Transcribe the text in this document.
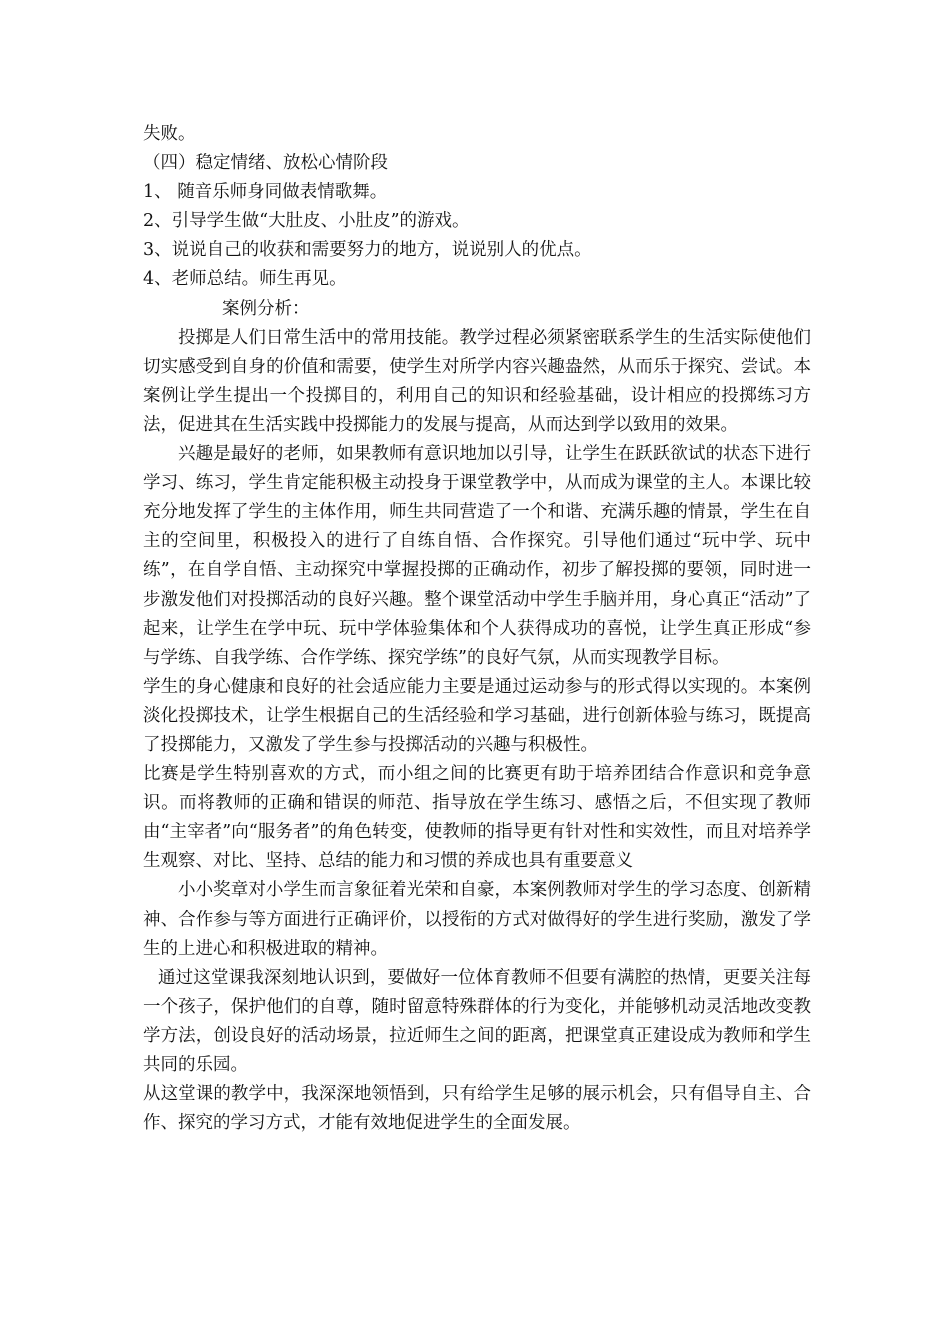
失败。
（四）稳定情绪、放松心情阶段
1、 随音乐师身同做表情歌舞。
2、引导学生做“大肚皮、小肚皮”的游戏。
3、说说自己的收获和需要努力的地方，说说别人的优点。
4、老师总结。师生再见。
案例分析：

投掷是人们日常生活中的常用技能。教学过程必须紧密联系学生的生活实际使他们切实感受到自身的价值和需要，使学生对所学内容兴趣盎然，从而乐于探究、尝试。本案例让学生提出一个投掷目的，利用自己的知识和经验基础，设计相应的投掷练习方法，促进其在生活实践中投掷能力的发展与提高，从而达到学以致用的效果。

兴趣是最好的老师，如果教师有意识地加以引导，让学生在跃跃欲试的状态下进行学习、练习，学生肯定能积极主动投身于课堂教学中，从而成为课堂的主人。本课比较充分地发挥了学生的主体作用，师生共同营造了一个和谐、充满乐趣的情景，学生在自主的空间里，积极投入的进行了自练自悟、合作探究。引导他们通过“玩中学、玩中练”，在自学自悟、主动探究中掌握投掷的正确动作，初步了解投掷的要领，同时进一步激发他们对投掷活动的良好兴趣。整个课堂活动中学生手脑并用，身心真正“活动”了起来，让学生在学中玩、玩中学体验集体和个人获得成功的喜悦，让学生真正形成“参与学练、自我学练、合作学练、探究学练”的良好气氛，从而实现教学目标。

学生的身心健康和良好的社会适应能力主要是通过运动参与的形式得以实现的。本案例淡化投掷技术，让学生根据自己的生活经验和学习基础，进行创新体验与练习，既提高了投掷能力，又激发了学生参与投掷活动的兴趣与积极性。

比赛是学生特别喜欢的方式，而小组之间的比赛更有助于培养团结合作意识和竞争意识。而将教师的正确和错误的师范、指导放在学生练习、感悟之后，不但实现了教师由“主宰者”向“服务者”的角色转变，使教师的指导更有针对性和实效性，而且对培养学生观察、对比、坚持、总结的能力和习惯的养成也具有重要意义

小小奖章对小学生而言象征着光荣和自豪，本案例教师对学生的学习态度、创新精神、合作参与等方面进行正确评价，以授衔的方式对做得好的学生进行奖励，激发了学生的上进心和积极进取的精神。

通过这堂课我深刻地认识到，要做好一位体育教师不但要有满腔的热情，更要关注每一个孩子，保护他们的自尊，随时留意特殊群体的行为变化，并能够机动灵活地改变教学方法，创设良好的活动场景，拉近师生之间的距离，把课堂真正建设成为教师和学生共同的乐园。

从这堂课的教学中，我深深地领悟到，只有给学生足够的展示机会，只有倡导自主、合作、探究的学习方式，才能有效地促进学生的全面发展。
